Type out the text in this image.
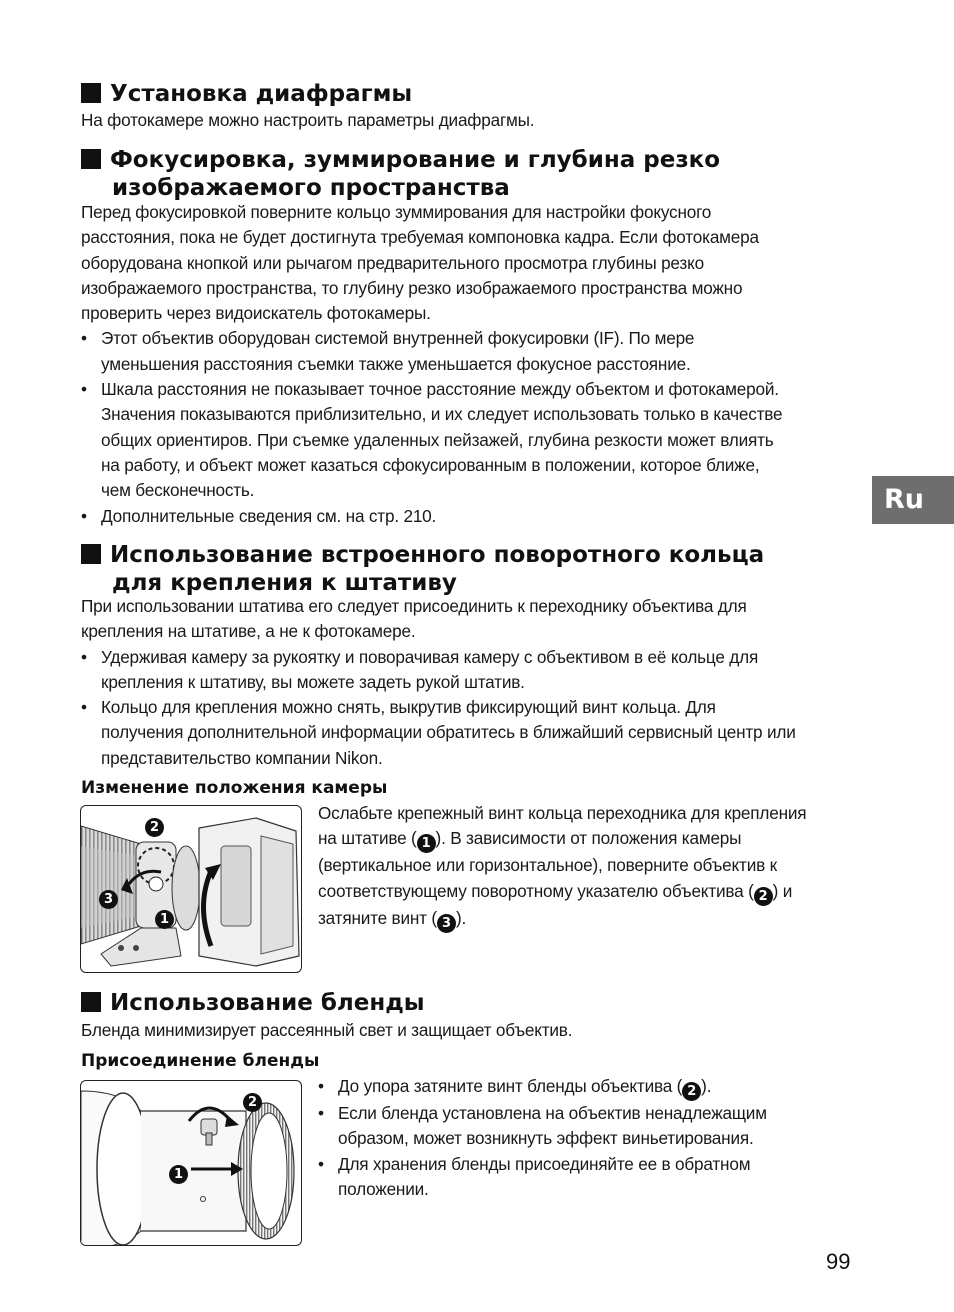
Ru
Установка диафрагмы
На фотокамере можно настроить параметры диафрагмы.
Фокусировка, зуммирование и глубина резко
изображаемого пространства
Перед фокусировкой поверните кольцо зуммирования для настройки фокусного
расстояния, пока не будет достигнута требуемая компоновка кадра. Если фотокамера
оборудована кнопкой или рычагом предварительного просмотра глубины резко
изображаемого пространства, то глубину резко изображаемого пространства можно
проверить через видоискатель фотокамеры.
• Этот объектив оборудован системой внутренней фокусировки (IF). По мере
уменьшения расстояния съемки также уменьшается фокусное расстояние.
• Шкала расстояния не показывает точное расстояние между объектом и фотокамерой.
Значения показываются приблизительно, и их следует использовать только в качестве
общих ориентиров. При съемке удаленных пейзажей, глубина резкости может влиять
на работу, и объект может казаться сфокусированным в положении, которое ближе,
чем бесконечность.
• Дополнительные сведения см. на стр. 210.
Использование встроенного поворотного кольца
для крепления к штативу
При использовании штатива его следует присоединить к переходнику объектива для
крепления на штативе, а не к фотокамере.
• Удерживая камеру за рукоятку и поворачивая камеру с объективом в её кольце для
крепления к штативу, вы можете задеть рукой штатив.
• Кольцо для крепления можно снять, выкрутив фиксирующий винт кольца. Для
получения дополнительной информации обратитесь в ближайший сервисный центр или
представительство компании Nikon.
Изменение положения камеры
2
3
1
Ослабьте крепежный винт кольца переходника для крепления
на штативе ( 1 ). В зависимости от положения камеры
(вертикальное или горизонтальное), поверните объектив к
соответствующему поворотному указателю объектива ( 2 ) и
затяните винт ( 3 ).
Использование бленды
Бленда минимизирует рассеянный свет и защищает объектив.
Присоединение бленды
2
1
• До упора затяните винт бленды объектива ( 2 ).
• Если бленда установлена на объектив ненадлежащим
образом, может возникнуть эффект виньетирования.
• Для хранения бленды присоединяйте ее в обратном
положении.
99
